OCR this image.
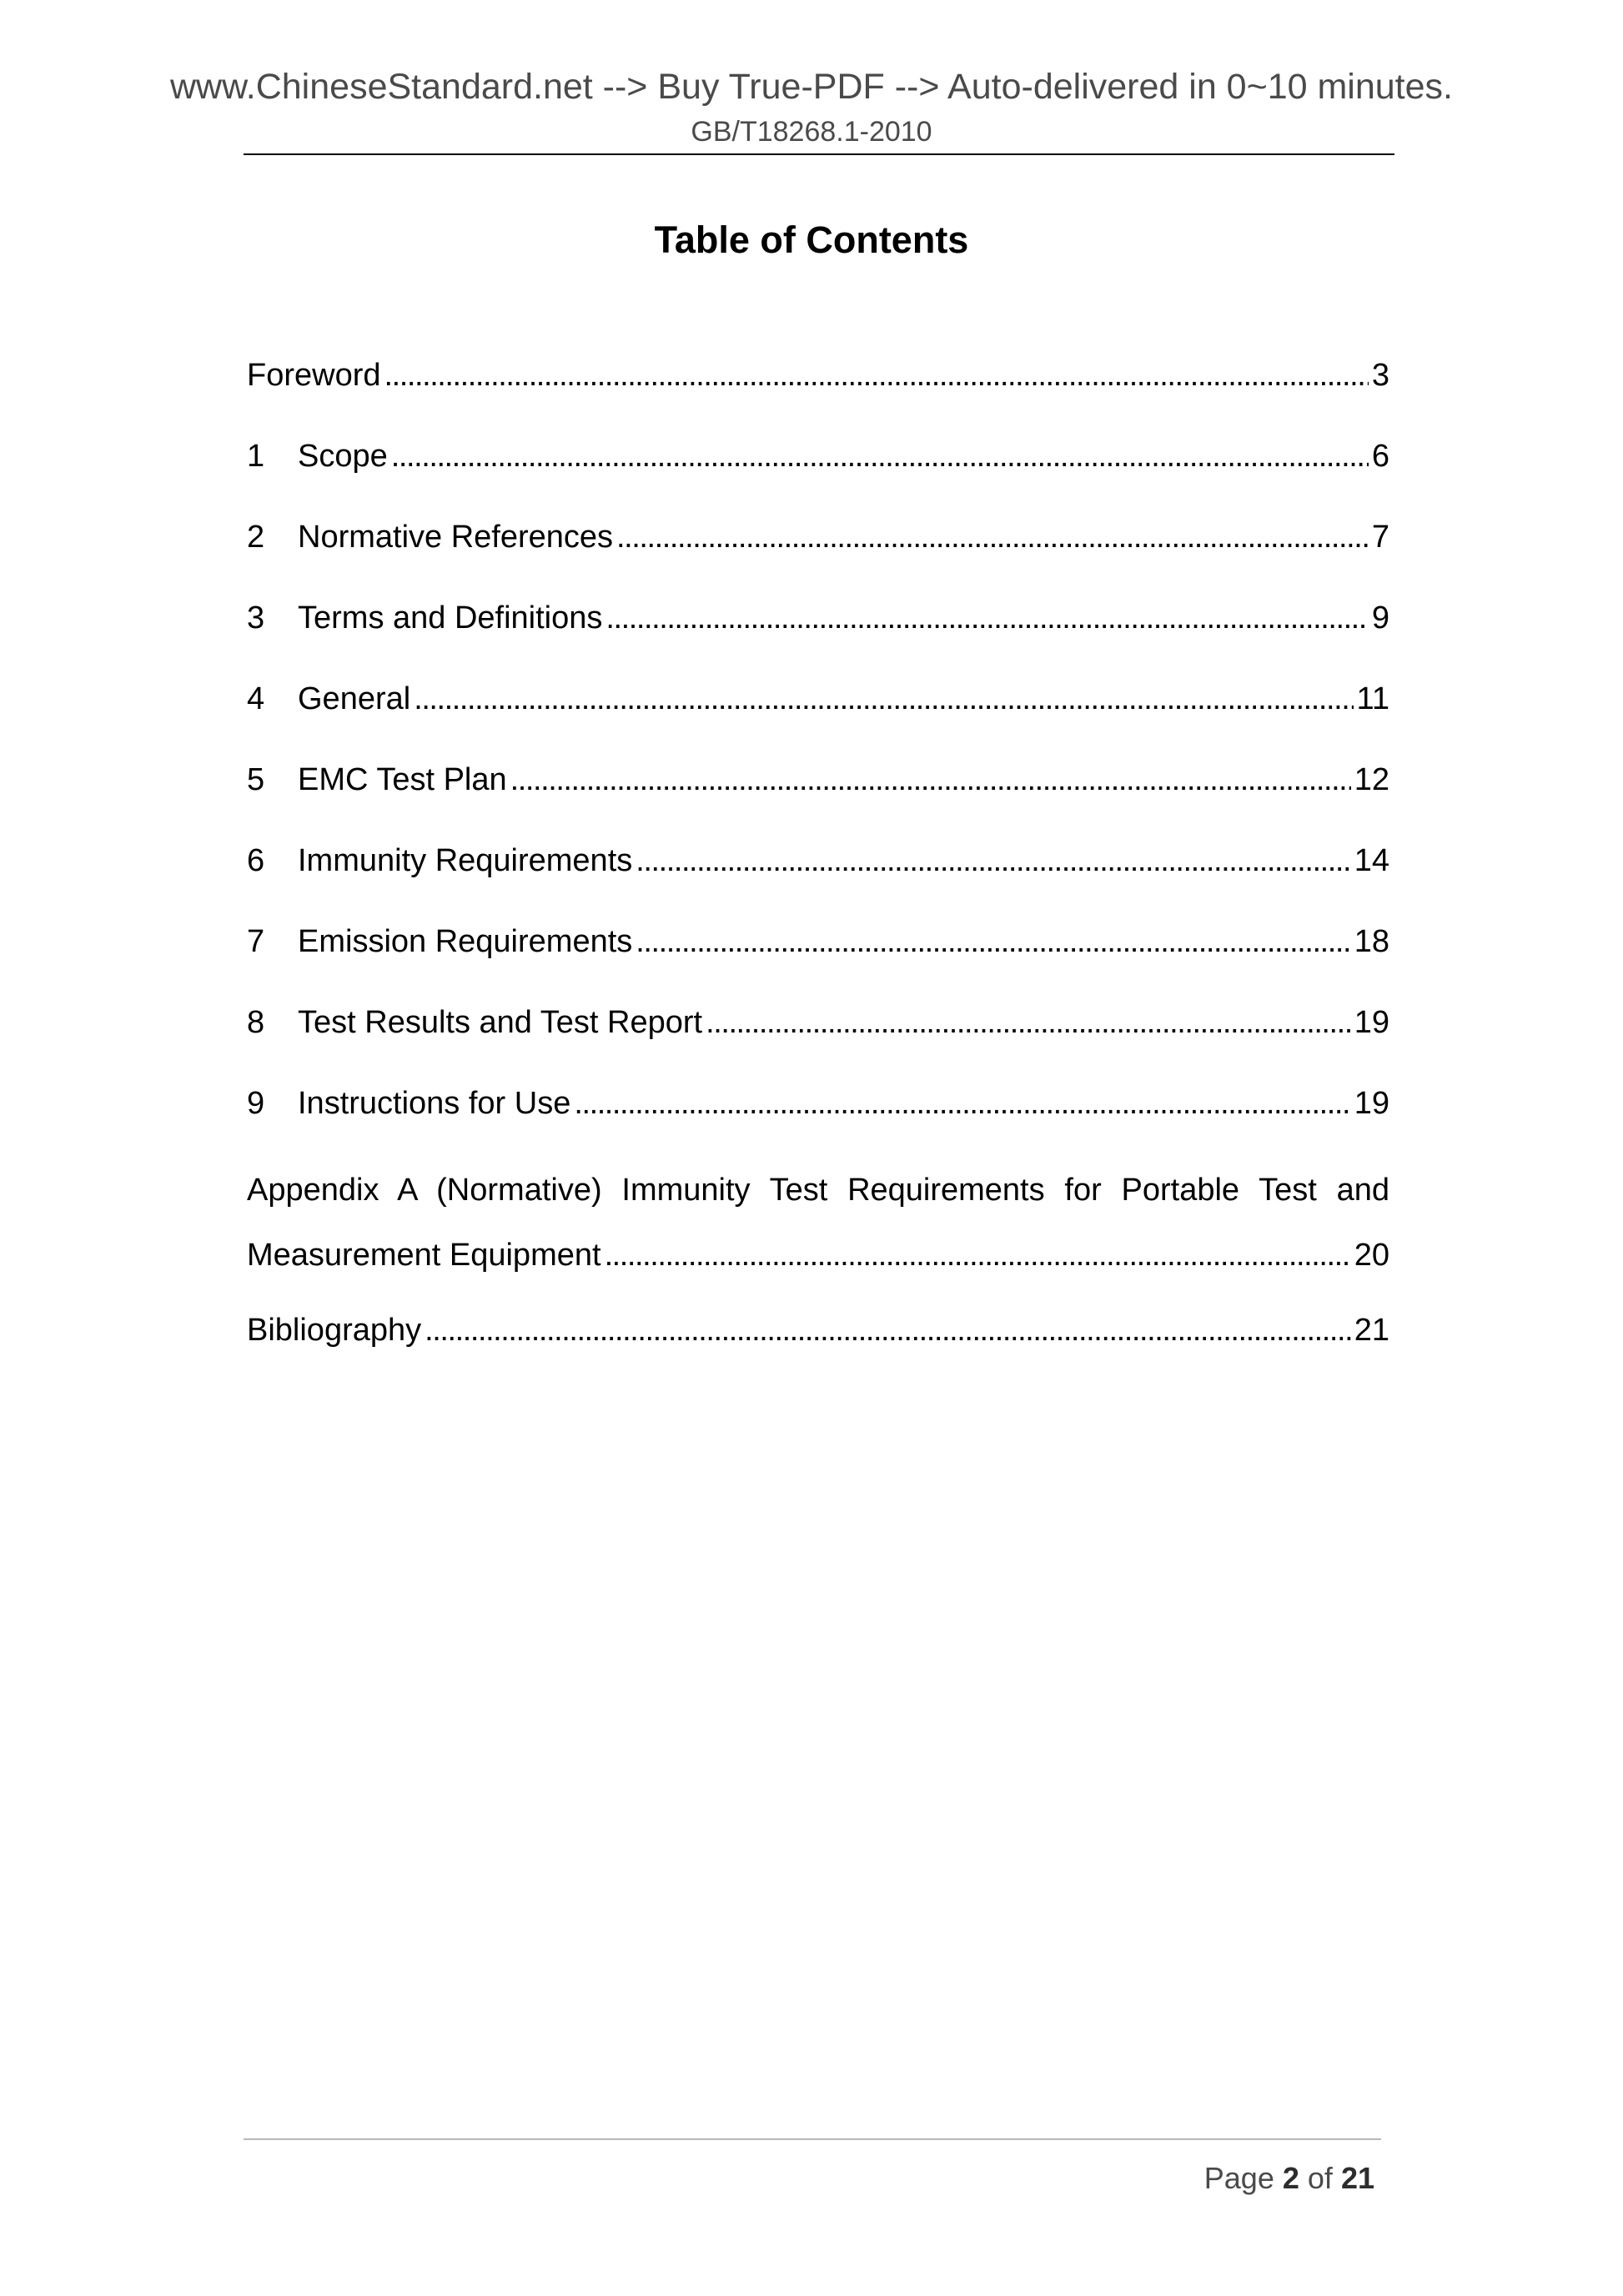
www.ChineseStandard.net --> Buy True-PDF --> Auto-delivered in 0~10 minutes.
GB/T18268.1-2010
Table of Contents
Foreword . . .	3
1	Scope . . .	6
2	Normative References . . .	7
3	Terms and Definitions . . .	9
4	General . . .	11
5	EMC Test Plan . . .	12
6	Immunity Requirements . . .	14
7	Emission Requirements . . .	18
8	Test Results and Test Report . . .	19
9	Instructions for Use . . .	19
Appendix A (Normative) Immunity Test Requirements for Portable Test and
Measurement Equipment . . .	20
Bibliography . . .	21
Page 2 of 21
